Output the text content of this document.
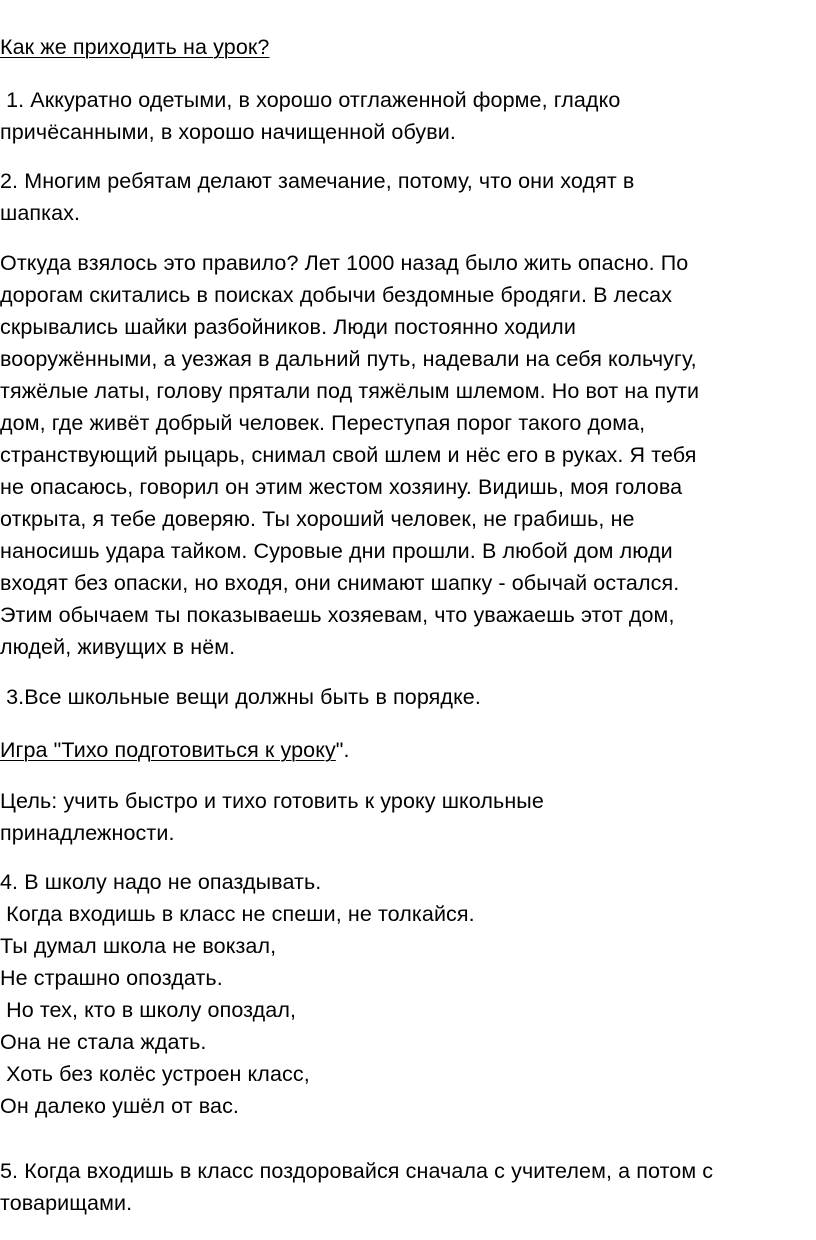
Как же приходить на урок?
1. Аккуратно одетыми, в хорошо отглаженной форме, гладко
причёсанными, в хорошо начищенной обуви.
2. Многим ребятам делают замечание, потому, что они ходят в
шапках.
Откуда взялось это правило? Лет 1000 назад было жить опасно. По
дорогам скитались в поисках добычи бездомные бродяги. В лесах
скрывались шайки разбойников. Люди постоянно ходили
вооружёнными, а уезжая в дальний путь, надевали на себя кольчугу,
тяжёлые латы, голову прятали под тяжёлым шлемом. Но вот на пути
дом, где живёт добрый человек. Переступая порог такого дома,
странствующий рыцарь, снимал свой шлем и нёс его в руках. Я тебя
не опасаюсь, говорил он этим жестом хозяину. Видишь, моя голова
открыта, я тебе доверяю. Ты хороший человек, не грабишь, не
наносишь удара тайком. Суровые дни прошли. В любой дом люди
входят без опаски, но входя, они снимают шапку - обычай остался.
Этим обычаем ты показываешь хозяевам, что уважаешь этот дом,
людей, живущих в нём.
3.Все школьные вещи должны быть в порядке.
Игра "Тихо подготовиться к уроку".
Цель: учить быстро и тихо готовить к уроку школьные
принадлежности.
4. В школу надо не опаздывать.
Когда входишь в класс не спеши, не толкайся.
Ты думал школа не вокзал,
Не страшно опоздать.
Но тех, кто в школу опоздал,
Она не стала ждать.
Хоть без колёс устроен класс,
Он далеко ушёл от вас.
5. Когда входишь в класс поздоровайся сначала с учителем, а потом с
товарищами.
